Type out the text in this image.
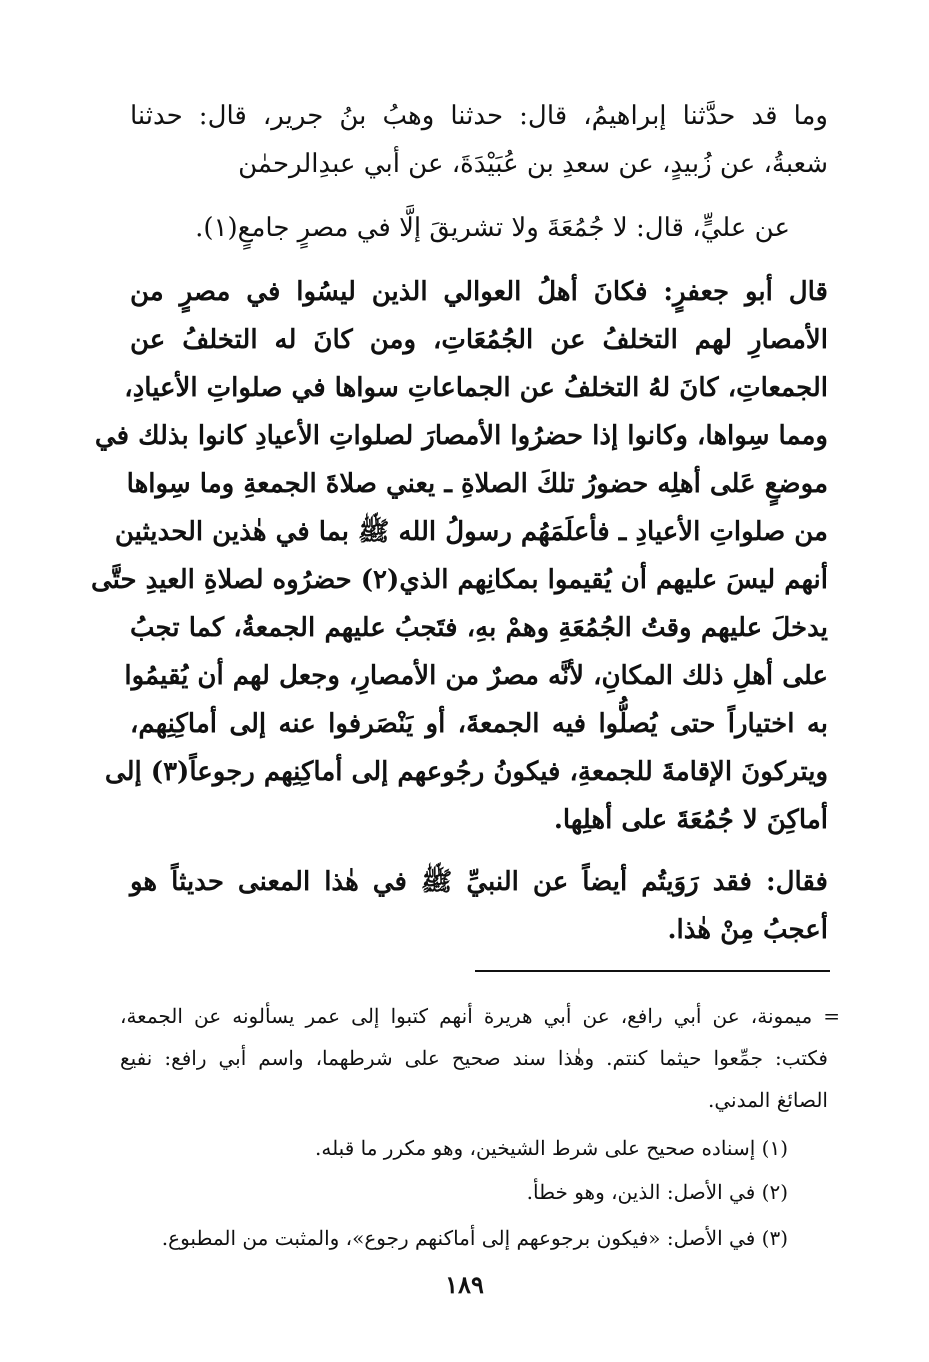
وما قد حدَّثنا إبراهيمُ، قال: حدثنا وهبُ بنُ جرير، قال: حدثنا
شعبةُ، عن زُبيدٍ، عن سعدِ بن عُبَيْدَةَ، عن أبي عبدِالرحمٰن
عن عليٍّ، قال: لا جُمُعَةَ ولا تشريقَ إلَّا في مصرٍ جامعٍ(١).
قال أبو جعفرٍ: فكانَ أهلُ العوالي الذين ليسُوا في مصرٍ من
الأمصارِ لهم التخلفُ عن الجُمُعَاتِ، ومن كانَ له التخلفُ عن
الجمعاتِ، كانَ لهُ التخلفُ عن الجماعاتِ سواها في صلواتِ الأعيادِ،
ومما سِواها، وكانوا إذا حضرُوا الأمصارَ لصلواتِ الأعيادِ كانوا بذلك في
موضعٍ عَلى أهلِه حضورُ تلكَ الصلاةِ ـ يعني صلاةَ الجمعةِ وما سِواها
من صلواتِ الأعيادِ ـ فأعلَمَهُم رسولُ الله ﷺ بما في هٰذين الحديثين
أنهم ليسَ عليهم أن يُقيموا بمكانِهم الذي(٢) حضرُوه لصلاةِ العيدِ حتَّى
يدخلَ عليهم وقتُ الجُمُعَةِ وهمْ بهِ، فتَجبُ عليهم الجمعةُ، كما تجبُ
على أهلِ ذلك المكانِ، لأنَّه مصرٌ من الأمصارِ، وجعل لهم أن يُقيمُوا
به اختياراً حتى يُصلُّوا فيه الجمعةَ، أو يَنْصَرفوا عنه إلى أماكِنِهم،
ويتركونَ الإقامةَ للجمعةِ، فيكونُ رجُوعهم إلى أماكِنِهم رجوعاً(٣) إلى
أماكِنَ لا جُمُعَةَ على أهلِها.
فقال: فقد رَوَيتُم أيضاً عن النبيِّ ﷺ في هٰذا المعنى حديثاً هو
أعجبُ مِنْ هٰذا.
= ميمونة، عن أبي رافع، عن أبي هريرة أنهم كتبوا إلى عمر يسألونه عن الجمعة،
فكتب: جمِّعوا حيثما كنتم. وهٰذا سند صحيح على شرطهما، واسم أبي رافع: نفيع
الصائغ المدني.
(١) إسناده صحيح على شرط الشيخين، وهو مكرر ما قبله.
(٢) في الأصل: الذين، وهو خطأ.
(٣) في الأصل: «فيكون برجوعهم إلى أماكنهم رجوع»، والمثبت من المطبوع.
١٨٩
